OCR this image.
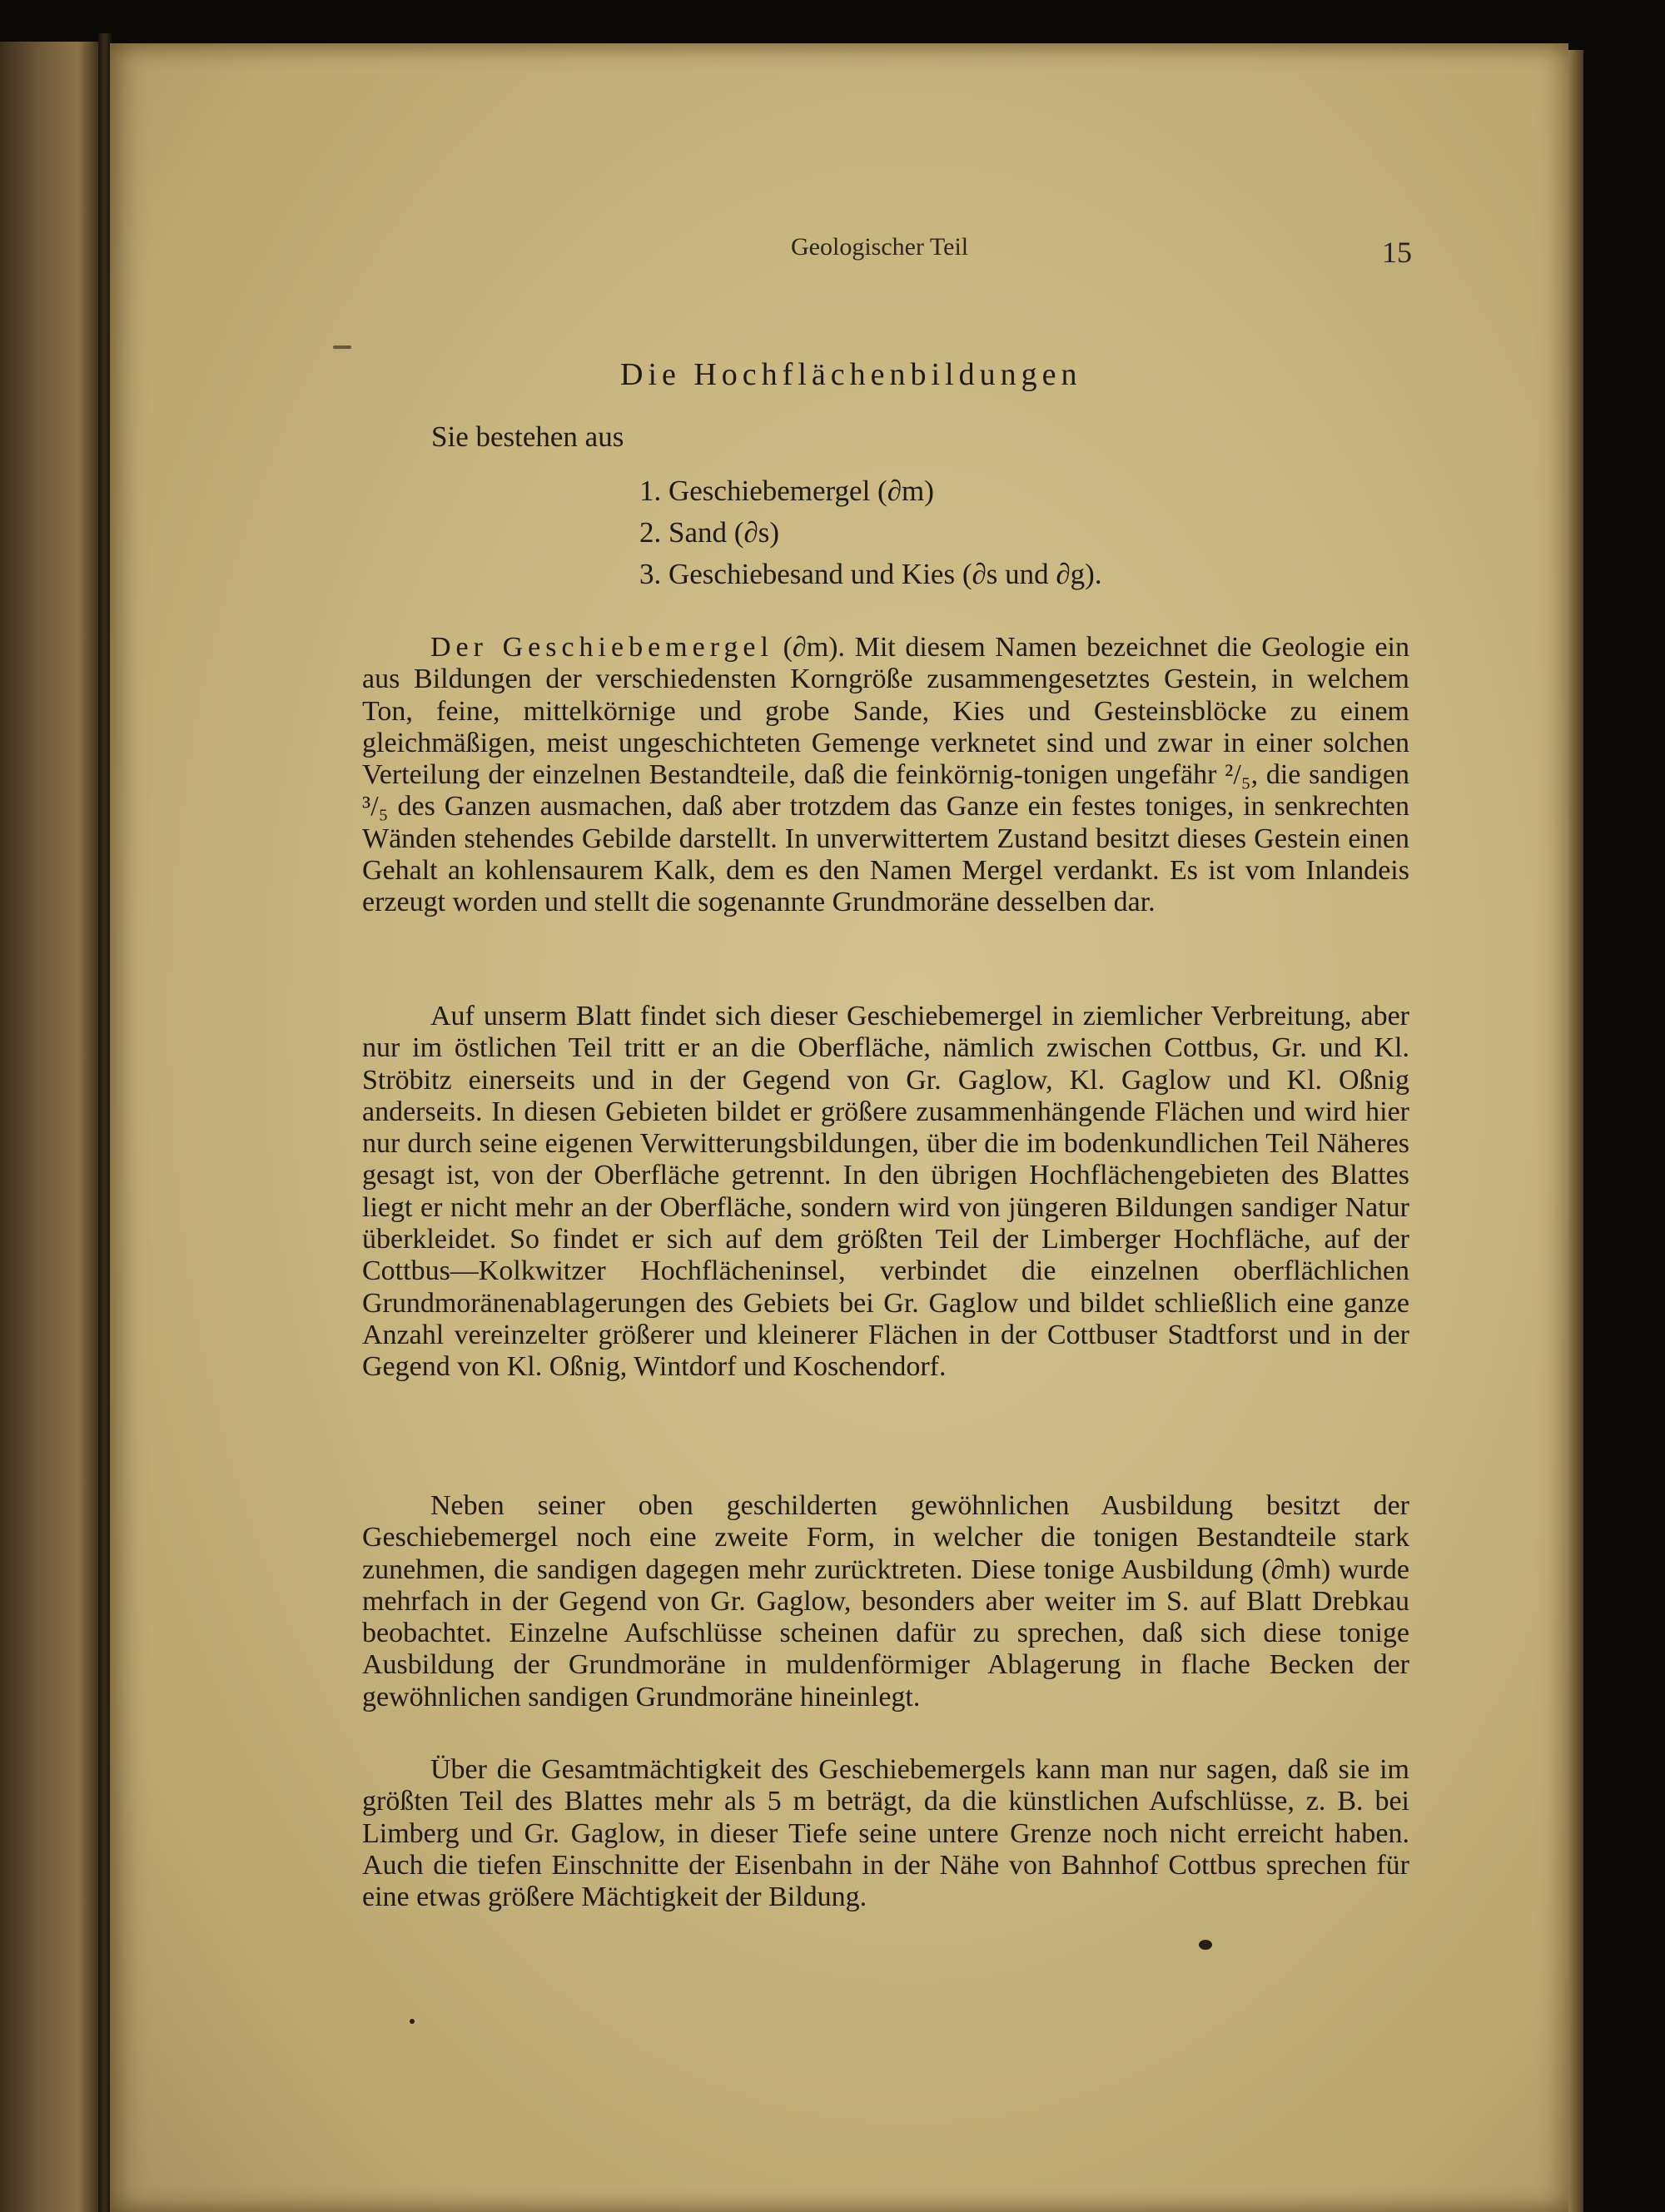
Geologischer Teil	15
Die Hochflächenbildungen
Sie bestehen aus
1. Geschiebemergel (∂m)
2. Sand (∂s)
3. Geschiebesand und Kies (∂s und ∂g).

Der Geschiebemergel (∂m). Mit diesem Namen bezeichnet die Geologie ein aus Bildungen der verschiedensten Korngröße zusammengesetztes Gestein, in welchem Ton, feine, mittelkörnige und grobe Sande, Kies und Gesteinsblöcke zu einem gleichmäßigen, meist ungeschichteten Gemenge verknetet sind und zwar in einer solchen Verteilung der einzelnen Bestandteile, daß die feinkörnig-tonigen ungefähr ²/₅, die sandigen ³/₅ des Ganzen ausmachen, daß aber trotzdem das Ganze ein festes toniges, in senkrechten Wänden stehendes Gebilde darstellt. In unverwittertem Zustand besitzt dieses Gestein einen Gehalt an kohlensaurem Kalk, dem es den Namen Mergel verdankt. Es ist vom Inlandeis erzeugt worden und stellt die sogenannte Grundmoräne desselben dar.

Auf unserm Blatt findet sich dieser Geschiebemergel in ziemlicher Verbreitung, aber nur im östlichen Teil tritt er an die Oberfläche, nämlich zwischen Cottbus, Gr. und Kl. Ströbitz einerseits und in der Gegend von Gr. Gaglow, Kl. Gaglow und Kl. Oßnig anderseits. In diesen Gebieten bildet er größere zusammenhängende Flächen und wird hier nur durch seine eigenen Verwitterungsbildungen, über die im bodenkundlichen Teil Näheres gesagt ist, von der Oberfläche getrennt. In den übrigen Hochflächengebieten des Blattes liegt er nicht mehr an der Oberfläche, sondern wird von jüngeren Bildungen sandiger Natur überkleidet. So findet er sich auf dem größten Teil der Limberger Hochfläche, auf der Cottbus—Kolkwitzer Hochflächeninsel, verbindet die einzelnen oberflächlichen Grundmoränenablagerungen des Gebiets bei Gr. Gaglow und bildet schließlich eine ganze Anzahl vereinzelter größerer und kleinerer Flächen in der Cottbuser Stadtforst und in der Gegend von Kl. Oßnig, Wintdorf und Koschendorf.

Neben seiner oben geschilderten gewöhnlichen Ausbildung besitzt der Geschiebemergel noch eine zweite Form, in welcher die tonigen Bestandteile stark zunehmen, die sandigen dagegen mehr zurücktreten. Diese tonige Ausbildung (∂mh) wurde mehrfach in der Gegend von Gr. Gaglow, besonders aber weiter im S. auf Blatt Drebkau beobachtet. Einzelne Aufschlüsse scheinen dafür zu sprechen, daß sich diese tonige Ausbildung der Grundmoräne in muldenförmiger Ablagerung in flache Becken der gewöhnlichen sandigen Grundmoräne hineinlegt.

Über die Gesamtmächtigkeit des Geschiebemergels kann man nur sagen, daß sie im größten Teil des Blattes mehr als 5 m beträgt, da die künstlichen Aufschlüsse, z. B. bei Limberg und Gr. Gaglow, in dieser Tiefe seine untere Grenze noch nicht erreicht haben. Auch die tiefen Einschnitte der Eisenbahn in der Nähe von Bahnhof Cottbus sprechen für eine etwas größere Mächtigkeit der Bildung.
